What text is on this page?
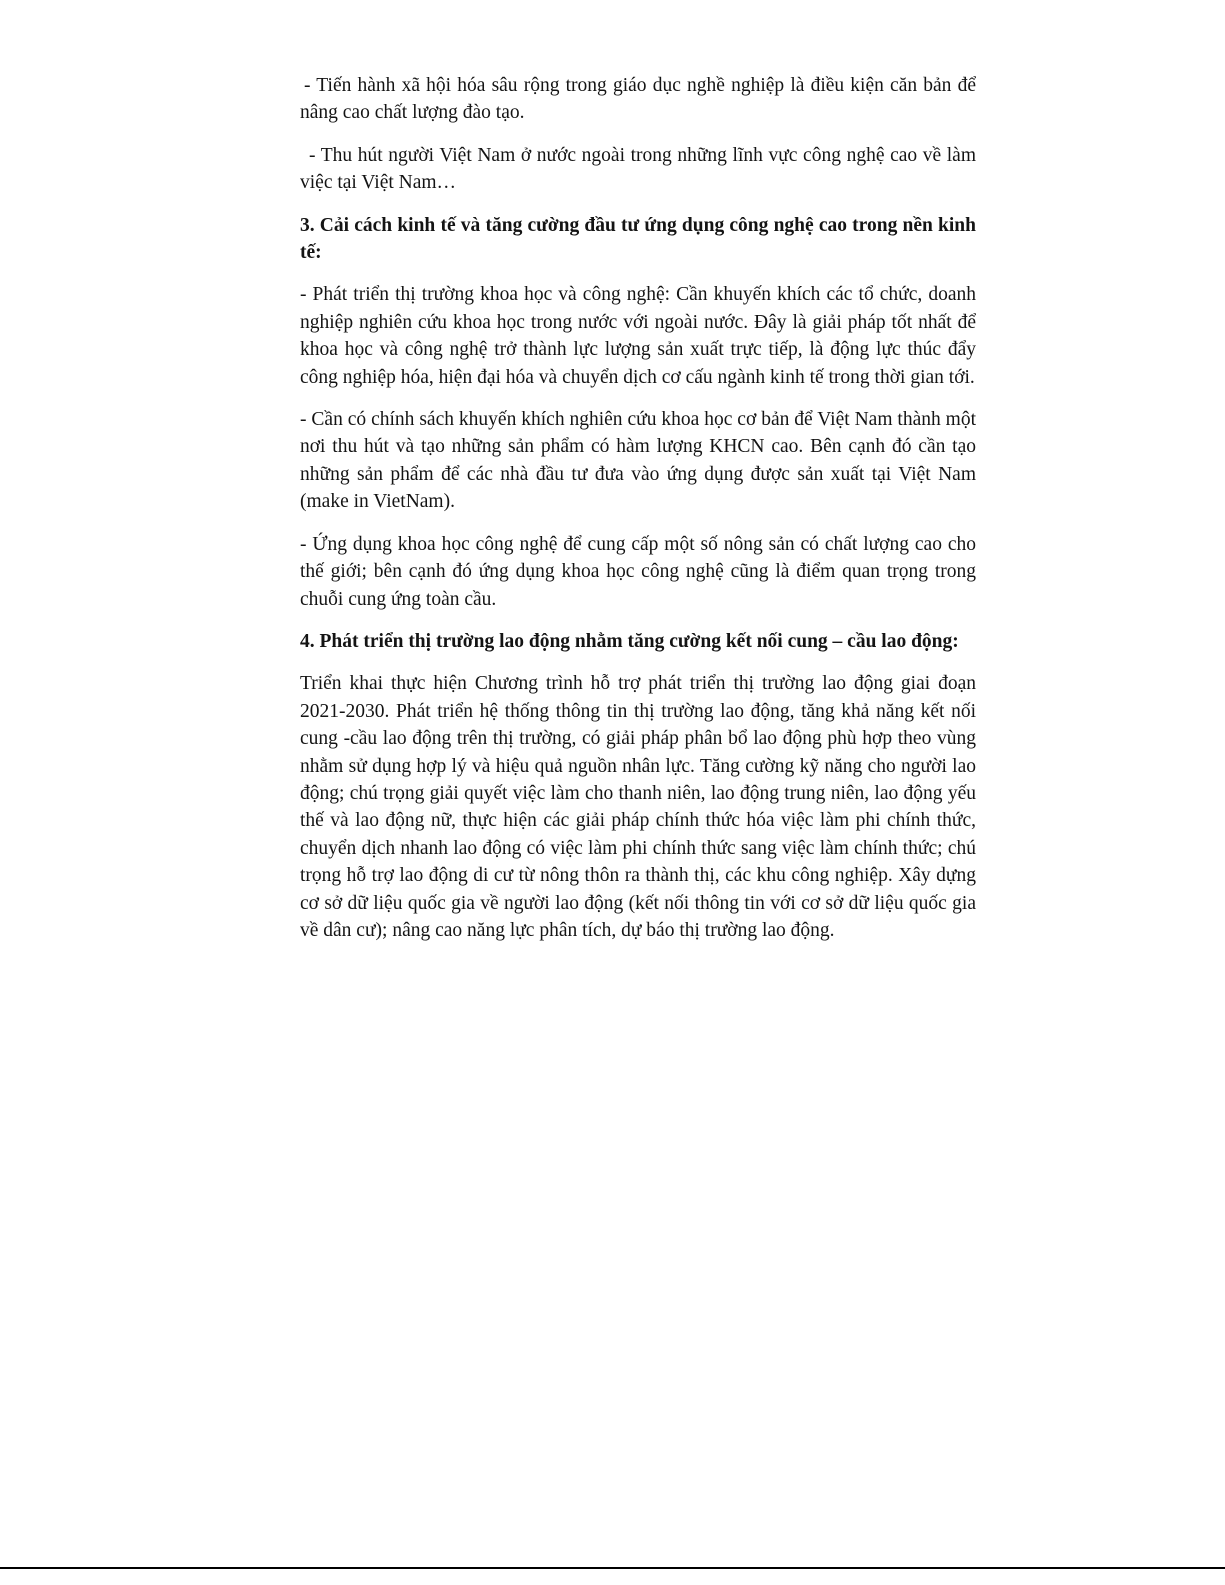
- Tiến hành xã hội hóa sâu rộng trong giáo dục nghề nghiệp là điều kiện căn bản để nâng cao chất lượng đào tạo.

- Thu hút người Việt Nam ở nước ngoài trong những lĩnh vực công nghệ cao về làm việc tại Việt Nam…

3. Cải cách kinh tế và tăng cường đầu tư ứng dụng công nghệ cao trong nền kinh tế:

- Phát triển thị trường khoa học và công nghệ: Cần khuyến khích các tổ chức, doanh nghiệp nghiên cứu khoa học trong nước với ngoài nước. Đây là giải pháp tốt nhất để khoa học và công nghệ trở thành lực lượng sản xuất trực tiếp, là động lực thúc đẩy công nghiệp hóa, hiện đại hóa và chuyển dịch cơ cấu ngành kinh tế trong thời gian tới.

- Cần có chính sách khuyến khích nghiên cứu khoa học cơ bản để Việt Nam thành một nơi thu hút và tạo những sản phẩm có hàm lượng KHCN cao. Bên cạnh đó cần tạo những sản phẩm để các nhà đầu tư đưa vào ứng dụng được sản xuất tại Việt Nam (make in VietNam).

- Ứng dụng khoa học công nghệ để cung cấp một số nông sản có chất lượng cao cho thế giới; bên cạnh đó ứng dụng khoa học công nghệ cũng là điểm quan trọng trong chuỗi cung ứng toàn cầu.

4. Phát triển thị trường lao động nhằm tăng cường kết nối cung – cầu lao động:

Triển khai thực hiện Chương trình hỗ trợ phát triển thị trường lao động giai đoạn 2021-2030. Phát triển hệ thống thông tin thị trường lao động, tăng khả năng kết nối cung -cầu lao động trên thị trường, có giải pháp phân bổ lao động phù hợp theo vùng nhằm sử dụng hợp lý và hiệu quả nguồn nhân lực. Tăng cường kỹ năng cho người lao động; chú trọng giải quyết việc làm cho thanh niên, lao động trung niên, lao động yếu thế và lao động nữ, thực hiện các giải pháp chính thức hóa việc làm phi chính thức, chuyển dịch nhanh lao động có việc làm phi chính thức sang việc làm chính thức; chú trọng hỗ trợ lao động di cư từ nông thôn ra thành thị, các khu công nghiệp. Xây dựng cơ sở dữ liệu quốc gia về người lao động (kết nối thông tin với cơ sở dữ liệu quốc gia về dân cư); nâng cao năng lực phân tích, dự báo thị trường lao động.
